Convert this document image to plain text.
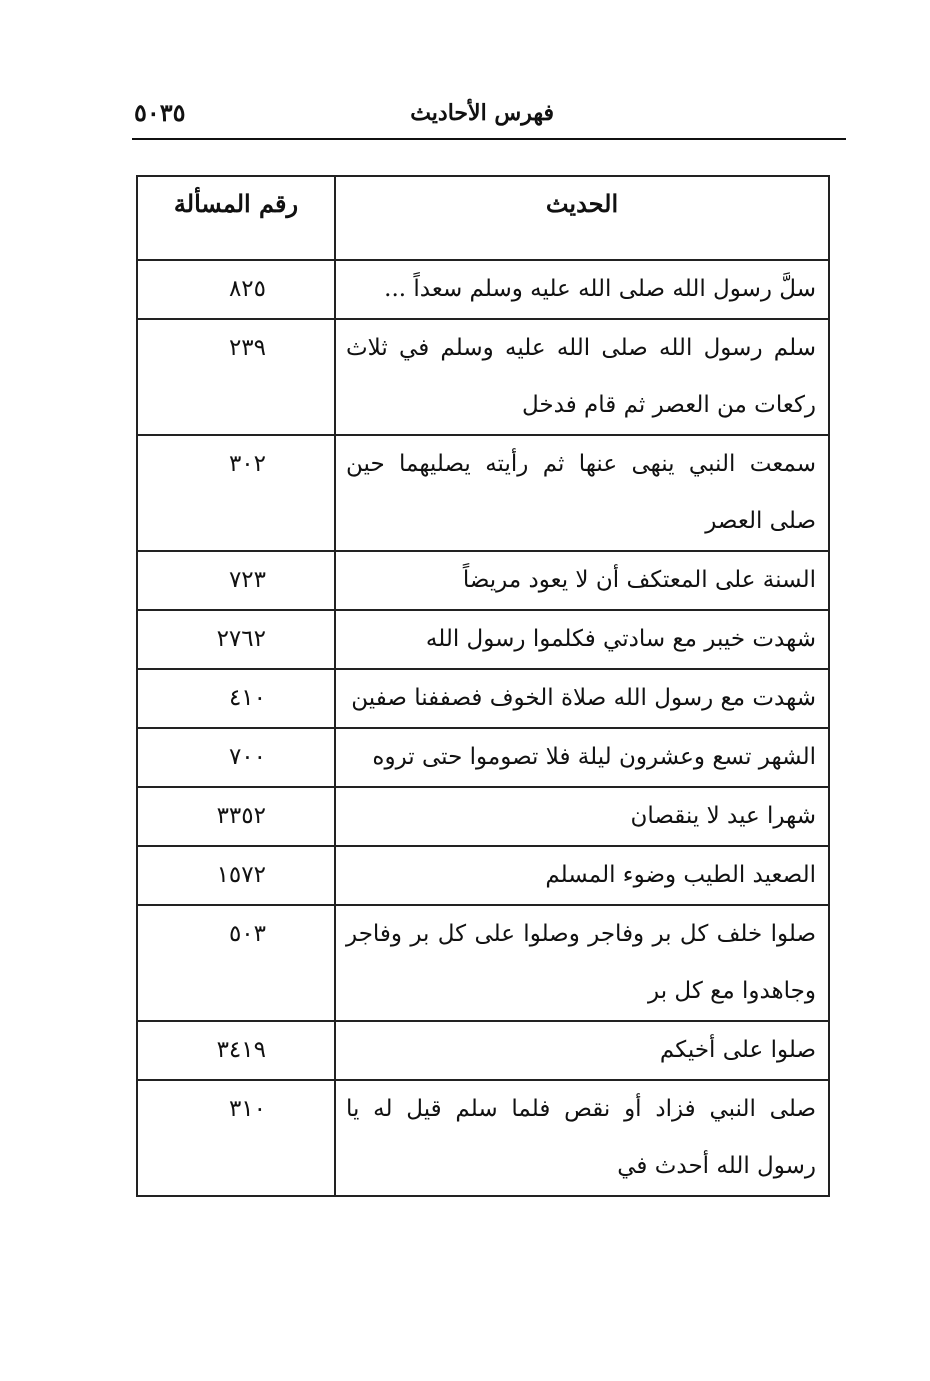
فهرس الأحاديث
٥٠٣٥
الحديث	رقم المسألة
سلَّ رسول الله صلى الله عليه وسلم سعداً ...	٨٢٥
سلم رسول الله صلى الله عليه وسلم في ثلاث ركعات من العصر ثم قام فدخل	٢٣٩
سمعت النبي ينهى عنها ثم رأيته يصليهما حين صلى العصر	٣٠٢
السنة على المعتكف أن لا يعود مريضاً	٧٢٣
شهدت خيبر مع سادتي فكلموا رسول الله	٢٧٦٢
شهدت مع رسول الله صلاة الخوف فصففنا صفين	٤١٠
الشهر تسع وعشرون ليلة فلا تصوموا حتى تروه	٧٠٠
شهرا عيد لا ينقصان	٣٣٥٢
الصعيد الطيب وضوء المسلم	١٥٧٢
صلوا خلف كل بر وفاجر وصلوا على كل بر وفاجر وجاهدوا مع كل بر	٥٠٣
صلوا على أخيكم	٣٤١٩
صلى النبي فزاد أو نقص فلما سلم قيل له يا رسول الله أحدث في	٣١٠
